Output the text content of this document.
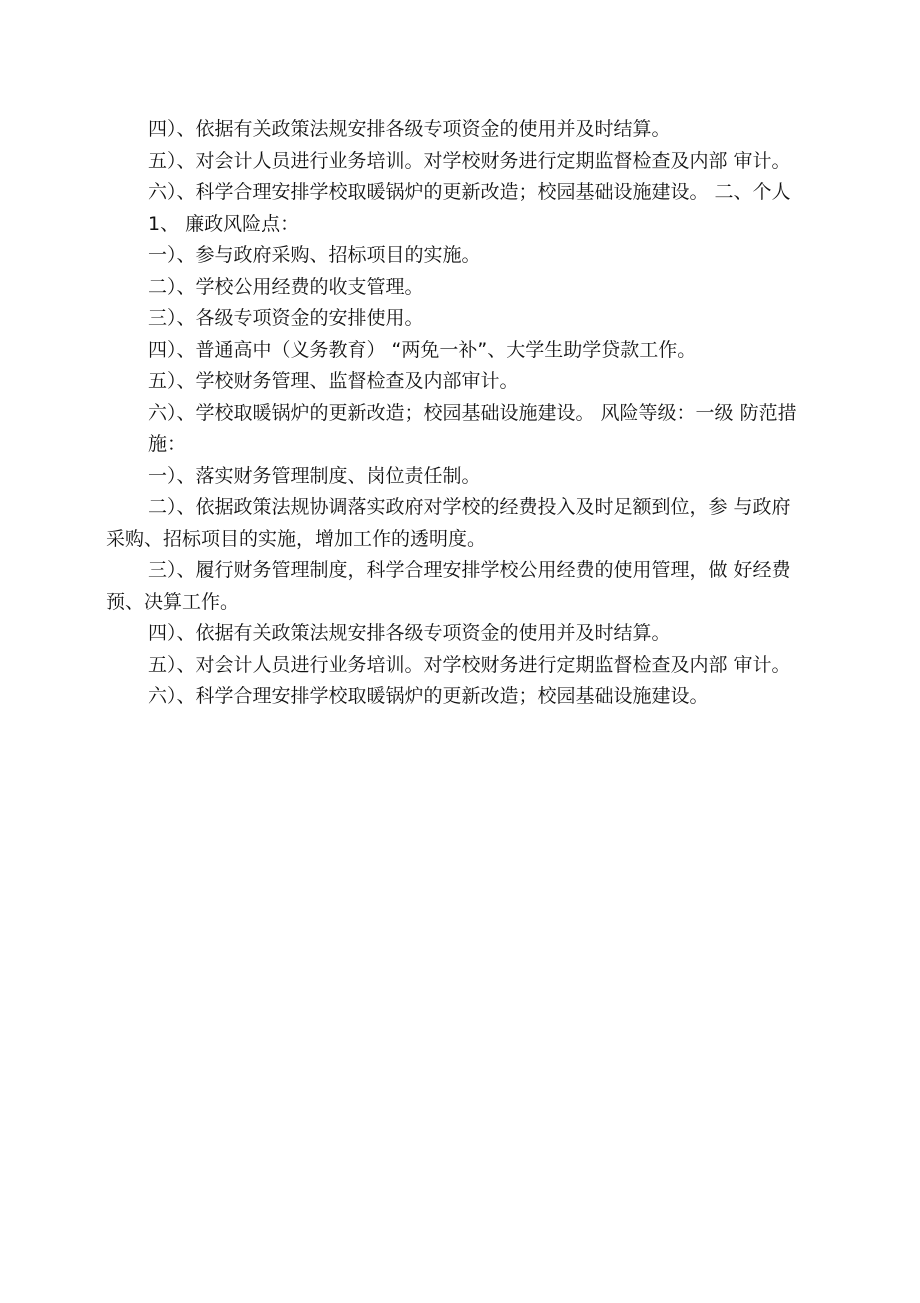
四）、依据有关政策法规安排各级专项资金的使用并及时结算。
五）、对会计人员进行业务培训。对学校财务进行定期监督检查及内部 审计。
六）、科学合理安排学校取暖锅炉的更新改造；校园基础设施建设。 二、个人
1、 廉政风险点：
一）、参与政府采购、招标项目的实施。
二）、学校公用经费的收支管理。
三）、各级专项资金的安排使用。
四）、普通高中（义务教育） “两免一补”、大学生助学贷款工作。
五）、学校财务管理、监督检查及内部审计。
六）、学校取暖锅炉的更新改造；校园基础设施建设。 风险等级：一级 防范措
施：
一）、落实财务管理制度、岗位责任制。
二）、依据政策法规协调落实政府对学校的经费投入及时足额到位，参 与政府
采购、招标项目的实施，增加工作的透明度。
三）、履行财务管理制度，科学合理安排学校公用经费的使用管理，做 好经费
预、决算工作。
四）、依据有关政策法规安排各级专项资金的使用并及时结算。
五）、对会计人员进行业务培训。对学校财务进行定期监督检查及内部 审计。
六）、科学合理安排学校取暖锅炉的更新改造；校园基础设施建设。
